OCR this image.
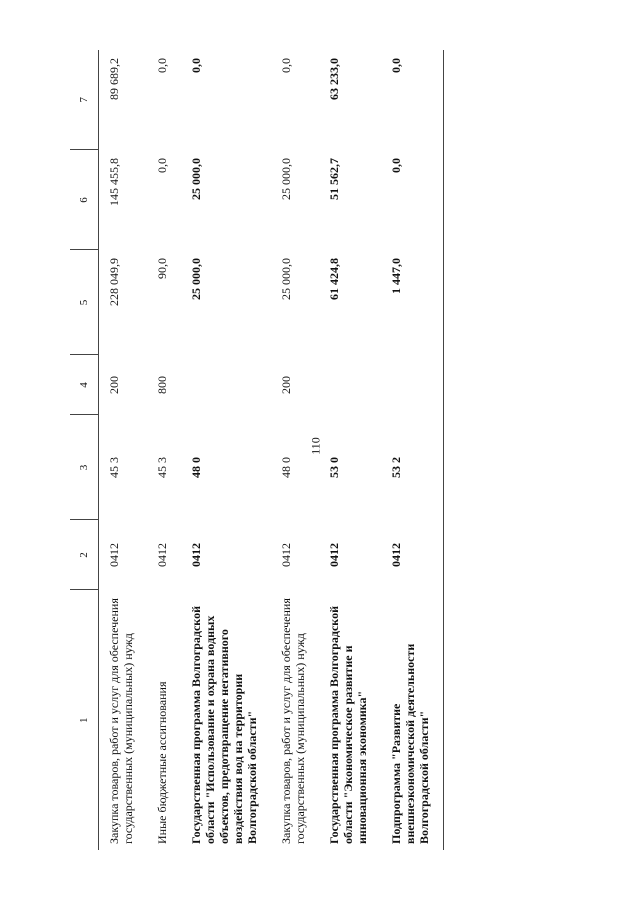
110
1	2	3	4	5	6	7
Закупка товаров, работ и услуг для обеспечения государственных (муниципальных) нужд	0412	45 3	200	228 049,9	145 455,8	89 689,2
Иные бюджетные ассигнования	0412	45 3	800	90,0	0,0	0,0
Государственная программа Волгоградской области "Использование и охрана водных объектов, предотвращение негативного воздействия вод на территории Волгоградской области"	0412	48 0		25 000,0	25 000,0	0,0
Закупка товаров, работ и услуг для обеспечения государственных (муниципальных) нужд	0412	48 0	200	25 000,0	25 000,0	0,0
Государственная программа Волгоградской области "Экономическое развитие и инновационная экономика"	0412	53 0		61 424,8	51 562,7	63 233,0
Подпрограмма "Развитие внешнеэкономической деятельности Волгоградской области"	0412	53 2		1 447,0	0,0	0,0
